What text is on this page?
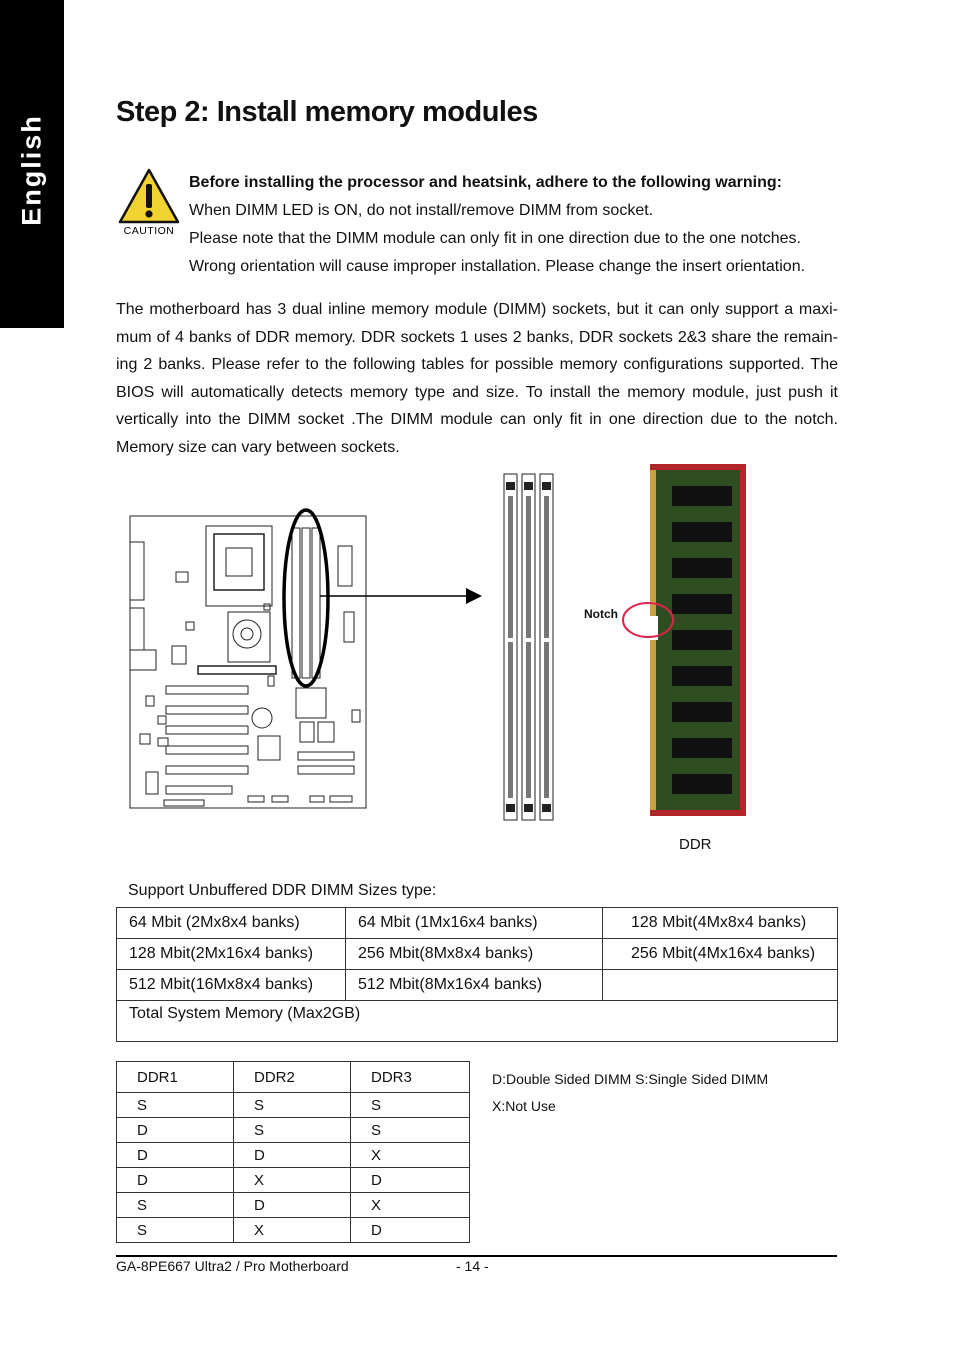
English
Step 2: Install memory modules
CAUTION
Before installing the processor and heatsink, adhere to the following warning:
When DIMM LED is ON, do not install/remove DIMM from socket.
Please note that the DIMM module can only fit in one direction due to the one notches.
Wrong orientation will cause improper installation. Please change the insert orientation.
The motherboard has 3 dual inline memory module (DIMM) sockets, but it can only support a maxi-mum of 4 banks of DDR memory. DDR sockets 1 uses 2 banks, DDR sockets 2&3 share the remain-ing 2 banks. Please refer to the following tables for possible memory configurations supported. The BIOS will automatically detects memory type and size. To install the memory module, just push it vertically into the DIMM socket .The DIMM module can only fit in one direction due to the notch. Memory size can vary between sockets.
Notch
DDR
Support Unbuffered DDR DIMM Sizes type:
64 Mbit (2Mx8x4 banks)	64 Mbit (1Mx16x4 banks)	128 Mbit(4Mx8x4 banks)
128 Mbit(2Mx16x4 banks)	256 Mbit(8Mx8x4 banks)	256 Mbit(4Mx16x4 banks)
512 Mbit(16Mx8x4 banks)	512 Mbit(8Mx16x4 banks)	
Total System Memory (Max2GB)		
DDR1	DDR2	DDR3
S	S	S
D	S	S
D	D	X
D	X	D
S	D	X
S	X	D
D:Double Sided DIMM S:Single Sided DIMM
X:Not Use
GA-8PE667 Ultra2 / Pro Motherboard	- 14 -
